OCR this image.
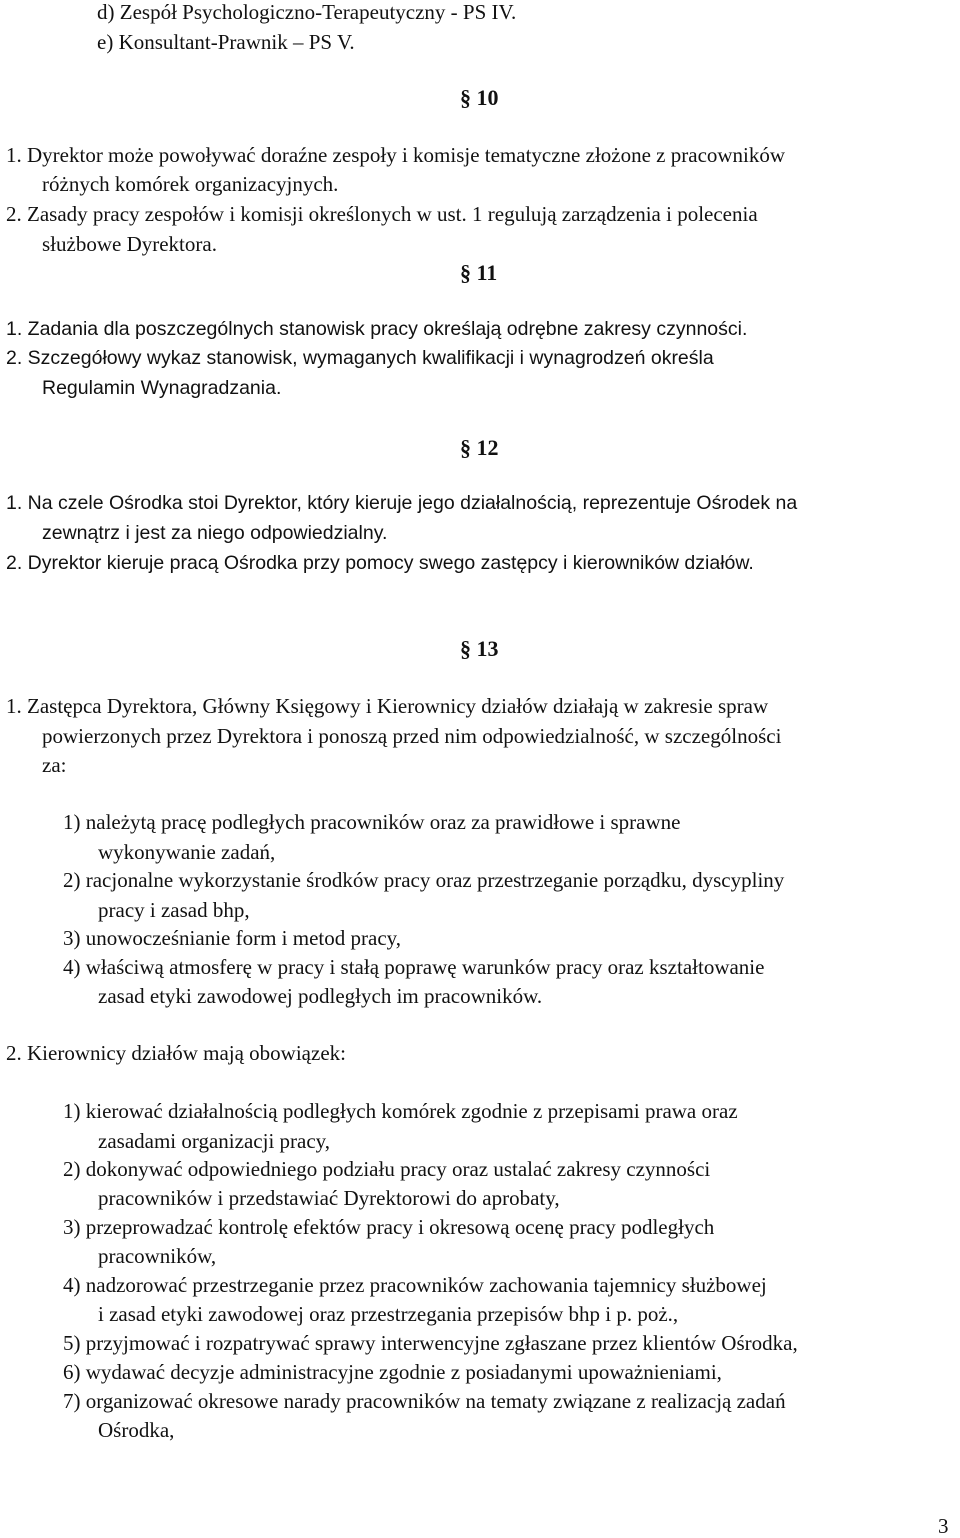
d) Zespół Psychologiczno-Terapeutyczny - PS IV.
e) Konsultant-Prawnik – PS V.
§ 10
1. Dyrektor może powoływać doraźne zespoły i komisje tematyczne złożone z pracowników
różnych komórek organizacyjnych.
2. Zasady pracy zespołów i komisji określonych w ust. 1 regulują zarządzenia i polecenia
służbowe Dyrektora.
§ 11
1. Zadania dla poszczególnych stanowisk pracy określają odrębne zakresy czynności.
2. Szczegółowy wykaz stanowisk, wymaganych kwalifikacji i wynagrodzeń określa
Regulamin Wynagradzania.
§ 12
1. Na czele Ośrodka stoi Dyrektor, który kieruje jego działalnością, reprezentuje Ośrodek na
zewnątrz i jest za niego odpowiedzialny.
2. Dyrektor kieruje pracą Ośrodka przy pomocy swego zastępcy i kierowników działów.
§ 13
1. Zastępca Dyrektora, Główny Księgowy i Kierownicy działów działają w zakresie spraw
powierzonych przez Dyrektora i ponoszą przed nim odpowiedzialność, w szczególności
za:
1) należytą pracę podległych pracowników oraz za prawidłowe i sprawne
wykonywanie zadań,
2) racjonalne wykorzystanie środków pracy oraz przestrzeganie porządku, dyscypliny
pracy i zasad bhp,
3) unowocześnianie form i metod pracy,
4) właściwą atmosferę w pracy i stałą poprawę warunków pracy oraz kształtowanie
zasad etyki zawodowej podległych im pracowników.
2. Kierownicy działów mają obowiązek:
1) kierować działalnością podległych komórek zgodnie z przepisami prawa oraz
zasadami organizacji pracy,
2) dokonywać odpowiedniego podziału pracy oraz ustalać zakresy czynności
pracowników i przedstawiać Dyrektorowi do aprobaty,
3) przeprowadzać kontrolę efektów pracy i okresową ocenę pracy podległych
pracowników,
4) nadzorować przestrzeganie przez pracowników zachowania tajemnicy służbowej
i zasad etyki zawodowej oraz przestrzegania przepisów bhp i p. poż.,
5) przyjmować i rozpatrywać sprawy interwencyjne zgłaszane przez klientów Ośrodka,
6) wydawać decyzje administracyjne zgodnie z posiadanymi upoważnieniami,
7) organizować okresowe narady pracowników na tematy związane z realizacją zadań
Ośrodka,
3
